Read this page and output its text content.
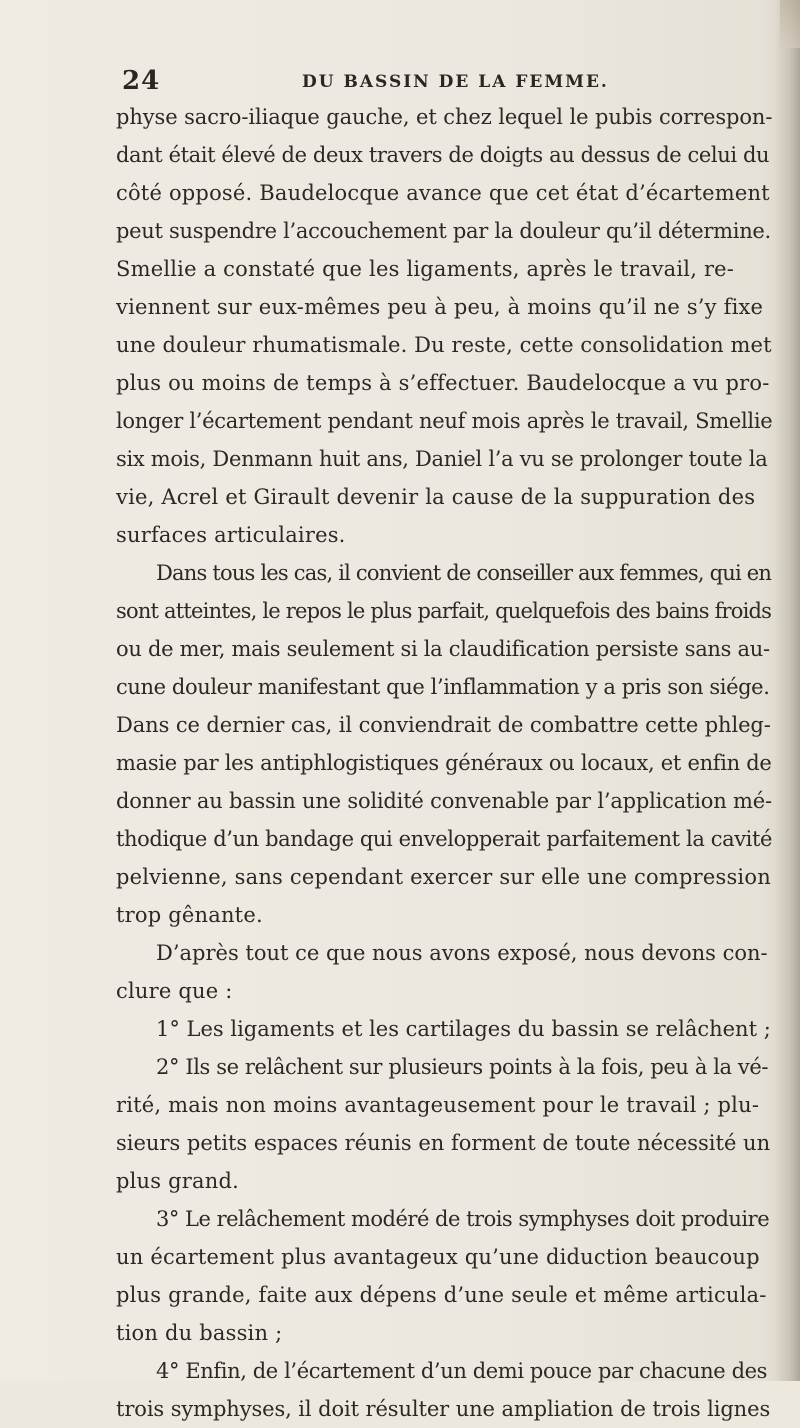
24	DU BASSIN DE LA FEMME.
physe sacro-iliaque gauche, et chez lequel le pubis correspon-
dant était élevé de deux travers de doigts au dessus de celui du
côté opposé. Baudelocque avance que cet état d’écartement
peut suspendre l’accouchement par la douleur qu’il détermine.
Smellie a constaté que les ligaments, après le travail, re-
viennent sur eux-mêmes peu à peu, à moins qu’il ne s’y fixe
une douleur rhumatismale. Du reste, cette consolidation met
plus ou moins de temps à s’effectuer. Baudelocque a vu pro-
longer l’écartement pendant neuf mois après le travail, Smellie
six mois, Denmann huit ans, Daniel l’a vu se prolonger toute la
vie, Acrel et Girault devenir la cause de la suppuration des
surfaces articulaires.
Dans tous les cas, il convient de conseiller aux femmes, qui en
sont atteintes, le repos le plus parfait, quelquefois des bains froids
ou de mer, mais seulement si la claudification persiste sans au-
cune douleur manifestant que l’inflammation y a pris son siége.
Dans ce dernier cas, il conviendrait de combattre cette phleg-
masie par les antiphlogistiques généraux ou locaux, et enfin de
donner au bassin une solidité convenable par l’application mé-
thodique d’un bandage qui envelopperait parfaitement la cavité
pelvienne, sans cependant exercer sur elle une compression
trop gênante.
D’après tout ce que nous avons exposé, nous devons con-
clure que :
1° Les ligaments et les cartilages du bassin se relâchent ;
2° Ils se relâchent sur plusieurs points à la fois, peu à la vé-
rité, mais non moins avantageusement pour le travail ; plu-
sieurs petits espaces réunis en forment de toute nécessité un
plus grand.
3° Le relâchement modéré de trois symphyses doit produire
un écartement plus avantageux qu’une diduction beaucoup
plus grande, faite aux dépens d’une seule et même articula-
tion du bassin ;
4° Enfin, de l’écartement d’un demi pouce par chacune des
trois symphyses, il doit résulter une ampliation de trois lignes
